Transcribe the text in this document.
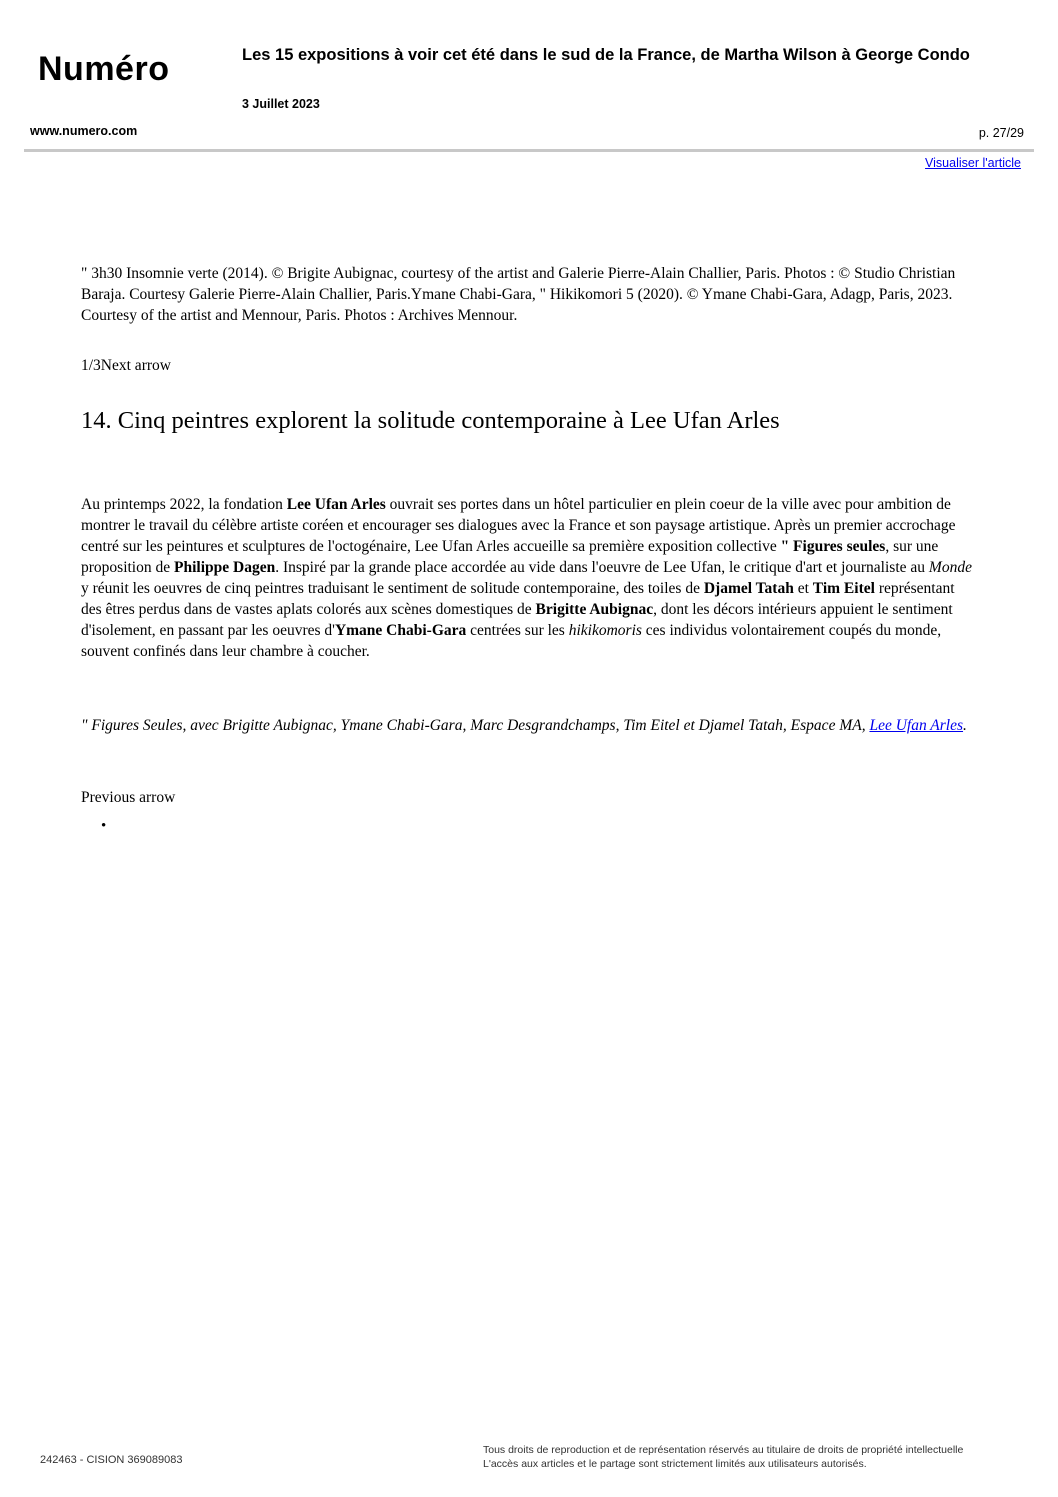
Numéro	Les 15 expositions à voir cet été dans le sud de la France, de Martha Wilson à George Condo
3 Juillet 2023
www.numero.com	p. 27/29
Visualiser l'article

" 3h30 Insomnie verte (2014). © Brigite Aubignac, courtesy of the artist and Galerie Pierre-Alain Challier, Paris. Photos : © Studio Christian Baraja. Courtesy Galerie Pierre-Alain Challier, Paris.Ymane Chabi-Gara, " Hikikomori 5 (2020). © Ymane Chabi-Gara, Adagp, Paris, 2023. Courtesy of the artist and Mennour, Paris. Photos : Archives Mennour.

1/3Next arrow

14. Cinq peintres explorent la solitude contemporaine à Lee Ufan Arles

Au printemps 2022, la fondation Lee Ufan Arles ouvrait ses portes dans un hôtel particulier en plein coeur de la ville avec pour ambition de montrer le travail du célèbre artiste coréen et encourager ses dialogues avec la France et son paysage artistique. Après un premier accrochage centré sur les peintures et sculptures de l'octogénaire, Lee Ufan Arles accueille sa première exposition collective " Figures seules, sur une proposition de Philippe Dagen. Inspiré par la grande place accordée au vide dans l'oeuvre de Lee Ufan, le critique d'art et journaliste au Monde y réunit les oeuvres de cinq peintres traduisant le sentiment de solitude contemporaine, des toiles de Djamel Tatah et Tim Eitel représentant des êtres perdus dans de vastes aplats colorés aux scènes domestiques de Brigitte Aubignac, dont les décors intérieurs appuient le sentiment d'isolement, en passant par les oeuvres d'Ymane Chabi-Gara centrées sur les hikikomoris ces individus volontairement coupés du monde, souvent confinés dans leur chambre à coucher.

" Figures Seules, avec Brigitte Aubignac, Ymane Chabi-Gara, Marc Desgrandchamps, Tim Eitel et Djamel Tatah, Espace MA, Lee Ufan Arles.

Previous arrow

•
242463 - CISION 369089083
Tous droits de reproduction et de représentation réservés au titulaire de droits de propriété intellectuelle
L'accès aux articles et le partage sont strictement limités aux utilisateurs autorisés.
